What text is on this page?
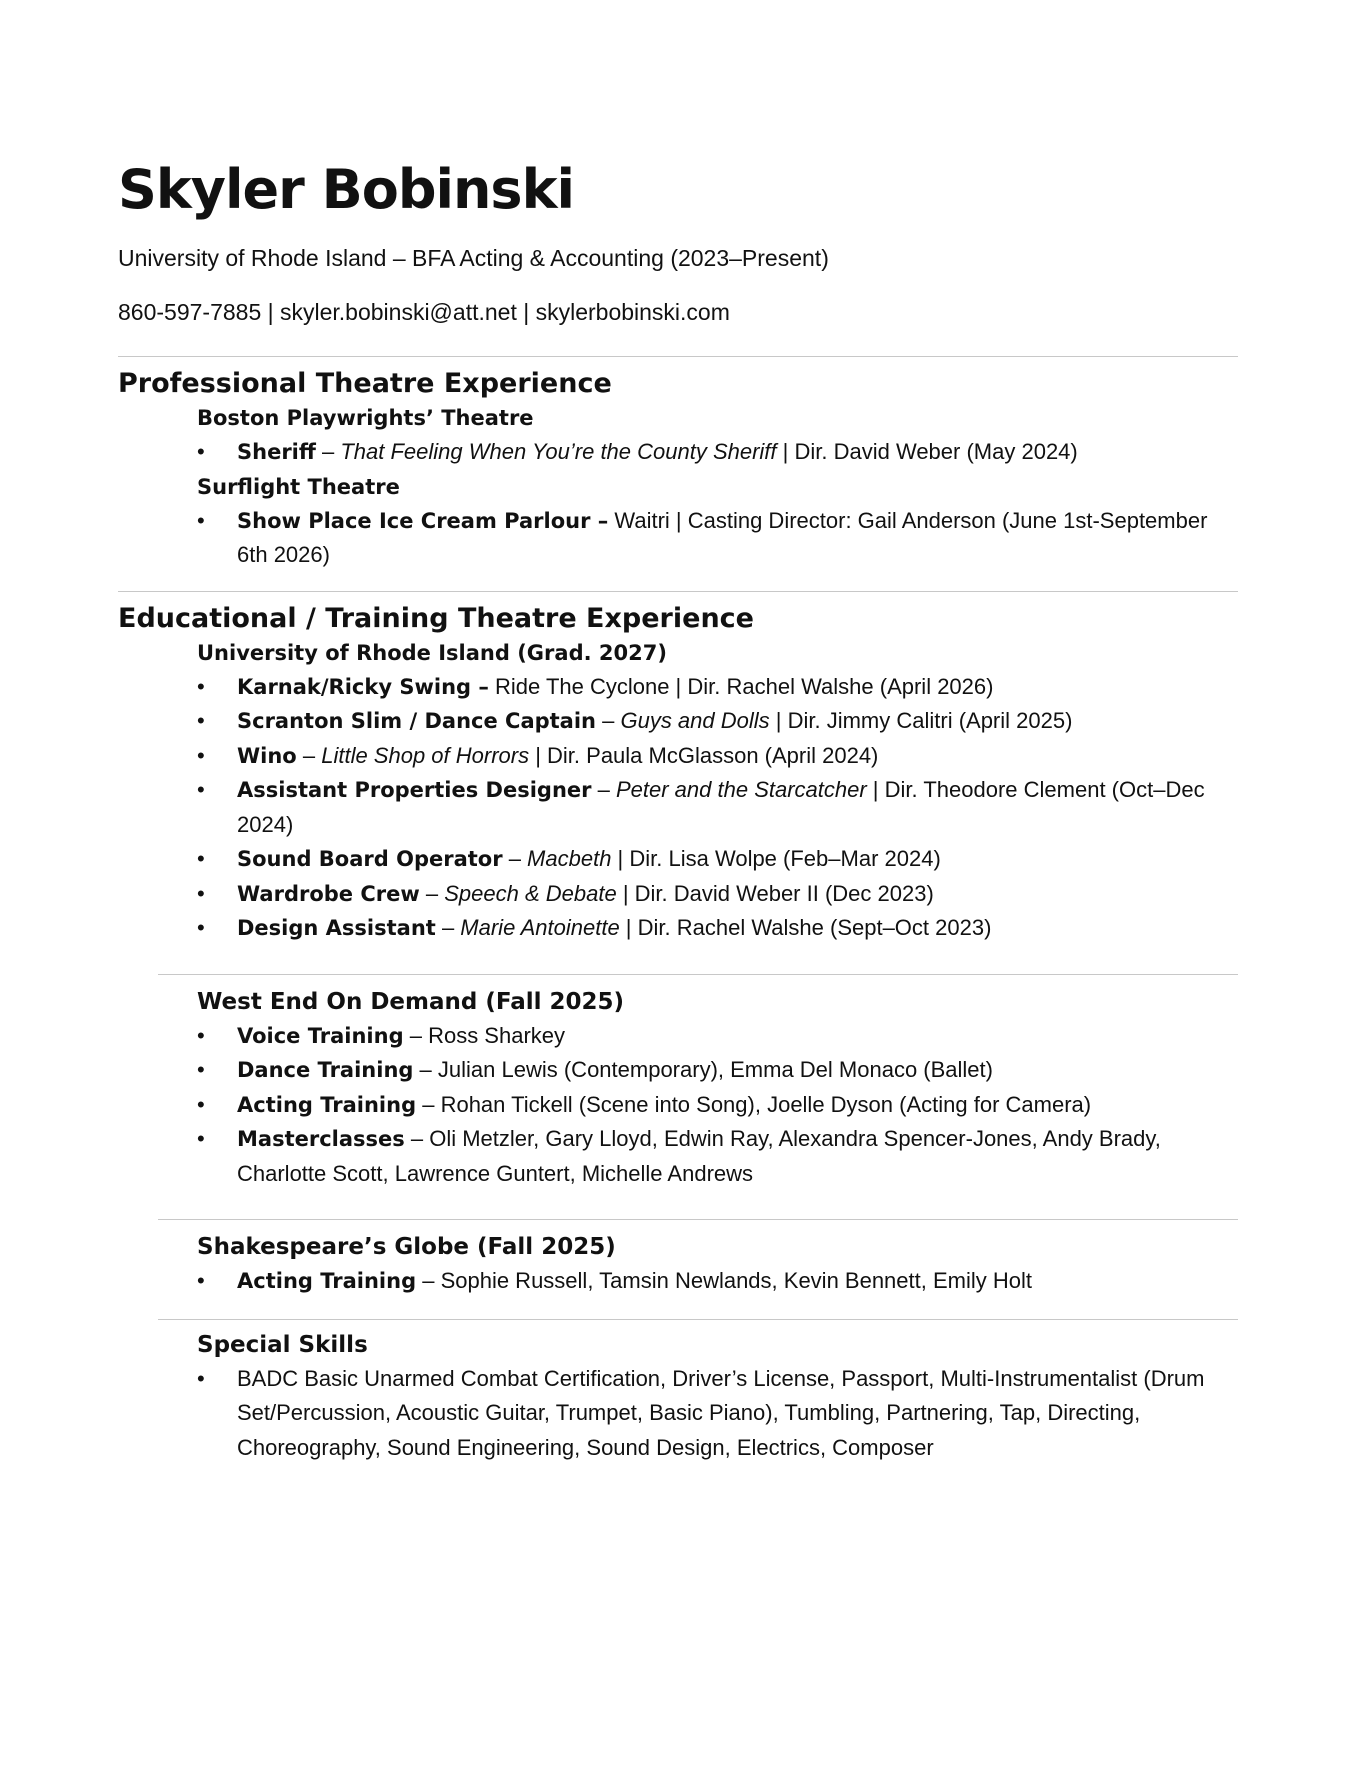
Skyler Bobinski

University of Rhode Island – BFA Acting & Accounting (2023–Present)

860-597-7885 | skyler.bobinski@att.net | skylerbobinski.com

Professional Theatre Experience
Boston Playwrights’ Theatre
• Sheriff – That Feeling When You’re the County Sheriff | Dir. David Weber (May 2024)
Surflight Theatre
• Show Place Ice Cream Parlour – Waitri | Casting Director: Gail Anderson (June 1st-September 6th 2026)
Educational / Training Theatre Experience
University of Rhode Island (Grad. 2027)
• Karnak/Ricky Swing – Ride The Cyclone | Dir. Rachel Walshe (April 2026)
• Scranton Slim / Dance Captain – Guys and Dolls | Dir. Jimmy Calitri (April 2025)
• Wino – Little Shop of Horrors | Dir. Paula McGlasson (April 2024)
• Assistant Properties Designer – Peter and the Starcatcher | Dir. Theodore Clement (Oct–Dec 2024)
• Sound Board Operator – Macbeth | Dir. Lisa Wolpe (Feb–Mar 2024)
• Wardrobe Crew – Speech & Debate | Dir. David Weber II (Dec 2023)
• Design Assistant – Marie Antoinette | Dir. Rachel Walshe (Sept–Oct 2023)
West End On Demand (Fall 2025)
• Voice Training – Ross Sharkey
• Dance Training – Julian Lewis (Contemporary), Emma Del Monaco (Ballet)
• Acting Training – Rohan Tickell (Scene into Song), Joelle Dyson (Acting for Camera)
• Masterclasses – Oli Metzler, Gary Lloyd, Edwin Ray, Alexandra Spencer-Jones, Andy Brady, Charlotte Scott, Lawrence Guntert, Michelle Andrews
Shakespeare’s Globe (Fall 2025)
• Acting Training – Sophie Russell, Tamsin Newlands, Kevin Bennett, Emily Holt
Special Skills
• BADC Basic Unarmed Combat Certification, Driver’s License, Passport, Multi-Instrumentalist (Drum Set/Percussion, Acoustic Guitar, Trumpet, Basic Piano), Tumbling, Partnering, Tap, Directing, Choreography, Sound Engineering, Sound Design, Electrics, Composer
